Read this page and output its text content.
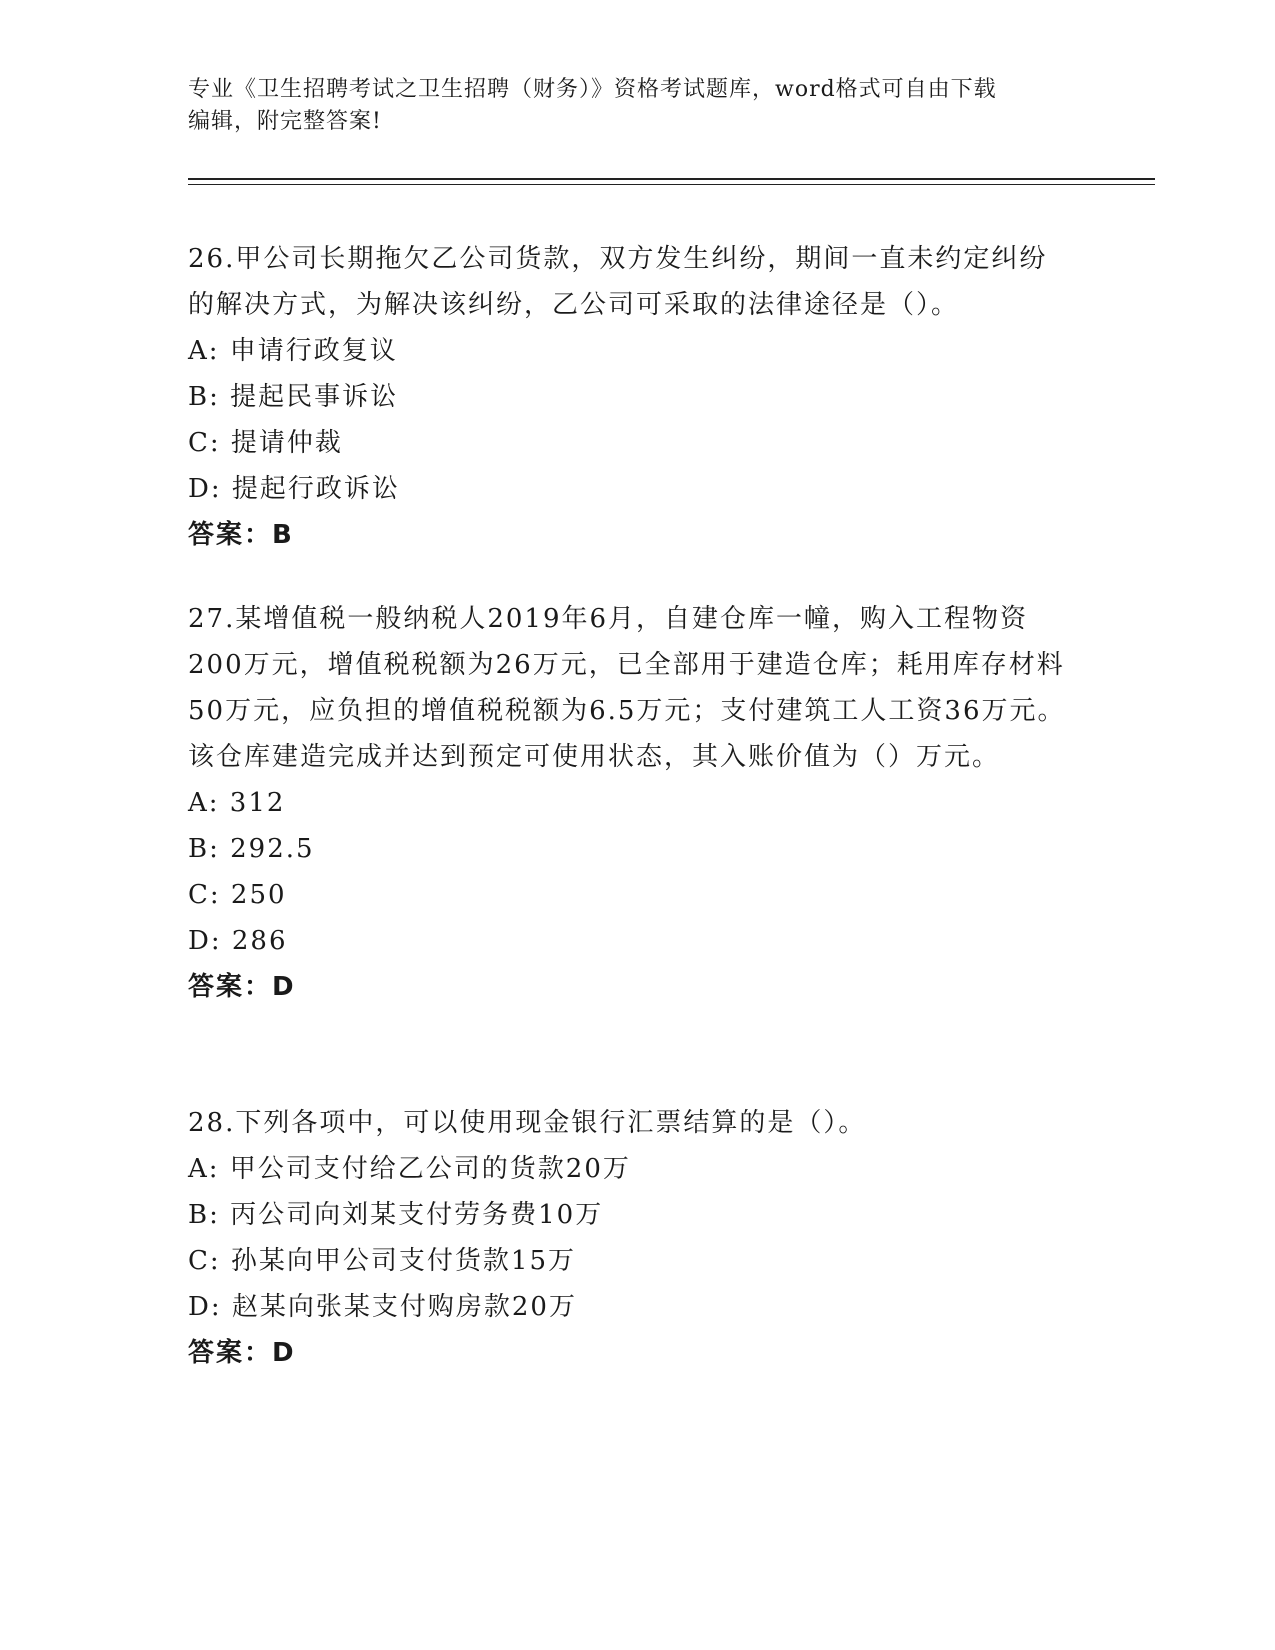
专业《卫生招聘考试之卫生招聘（财务）》资格考试题库，word格式可自由下载
编辑，附完整答案!

26.甲公司长期拖欠乙公司货款，双方发生纠纷，期间一直未约定纠纷的解决方式，为解决该纠纷，乙公司可采取的法律途径是（）。

A: 申请行政复议

B: 提起民事诉讼

C: 提请仲裁

D: 提起行政诉讼

答案：B

27.某增值税一般纳税人2019年6月，自建仓库一幢，购入工程物资200万元，增值税税额为26万元，已全部用于建造仓库；耗用库存材料50万元，应负担的增值税税额为6.5万元；支付建筑工人工资36万元。该仓库建造完成并达到预定可使用状态，其入账价值为（）万元。

A: 312

B: 292.5

C: 250

D: 286

答案：D

28.下列各项中，可以使用现金银行汇票结算的是（）。

A: 甲公司支付给乙公司的货款20万

B: 丙公司向刘某支付劳务费10万

C: 孙某向甲公司支付货款15万

D: 赵某向张某支付购房款20万

答案：D
